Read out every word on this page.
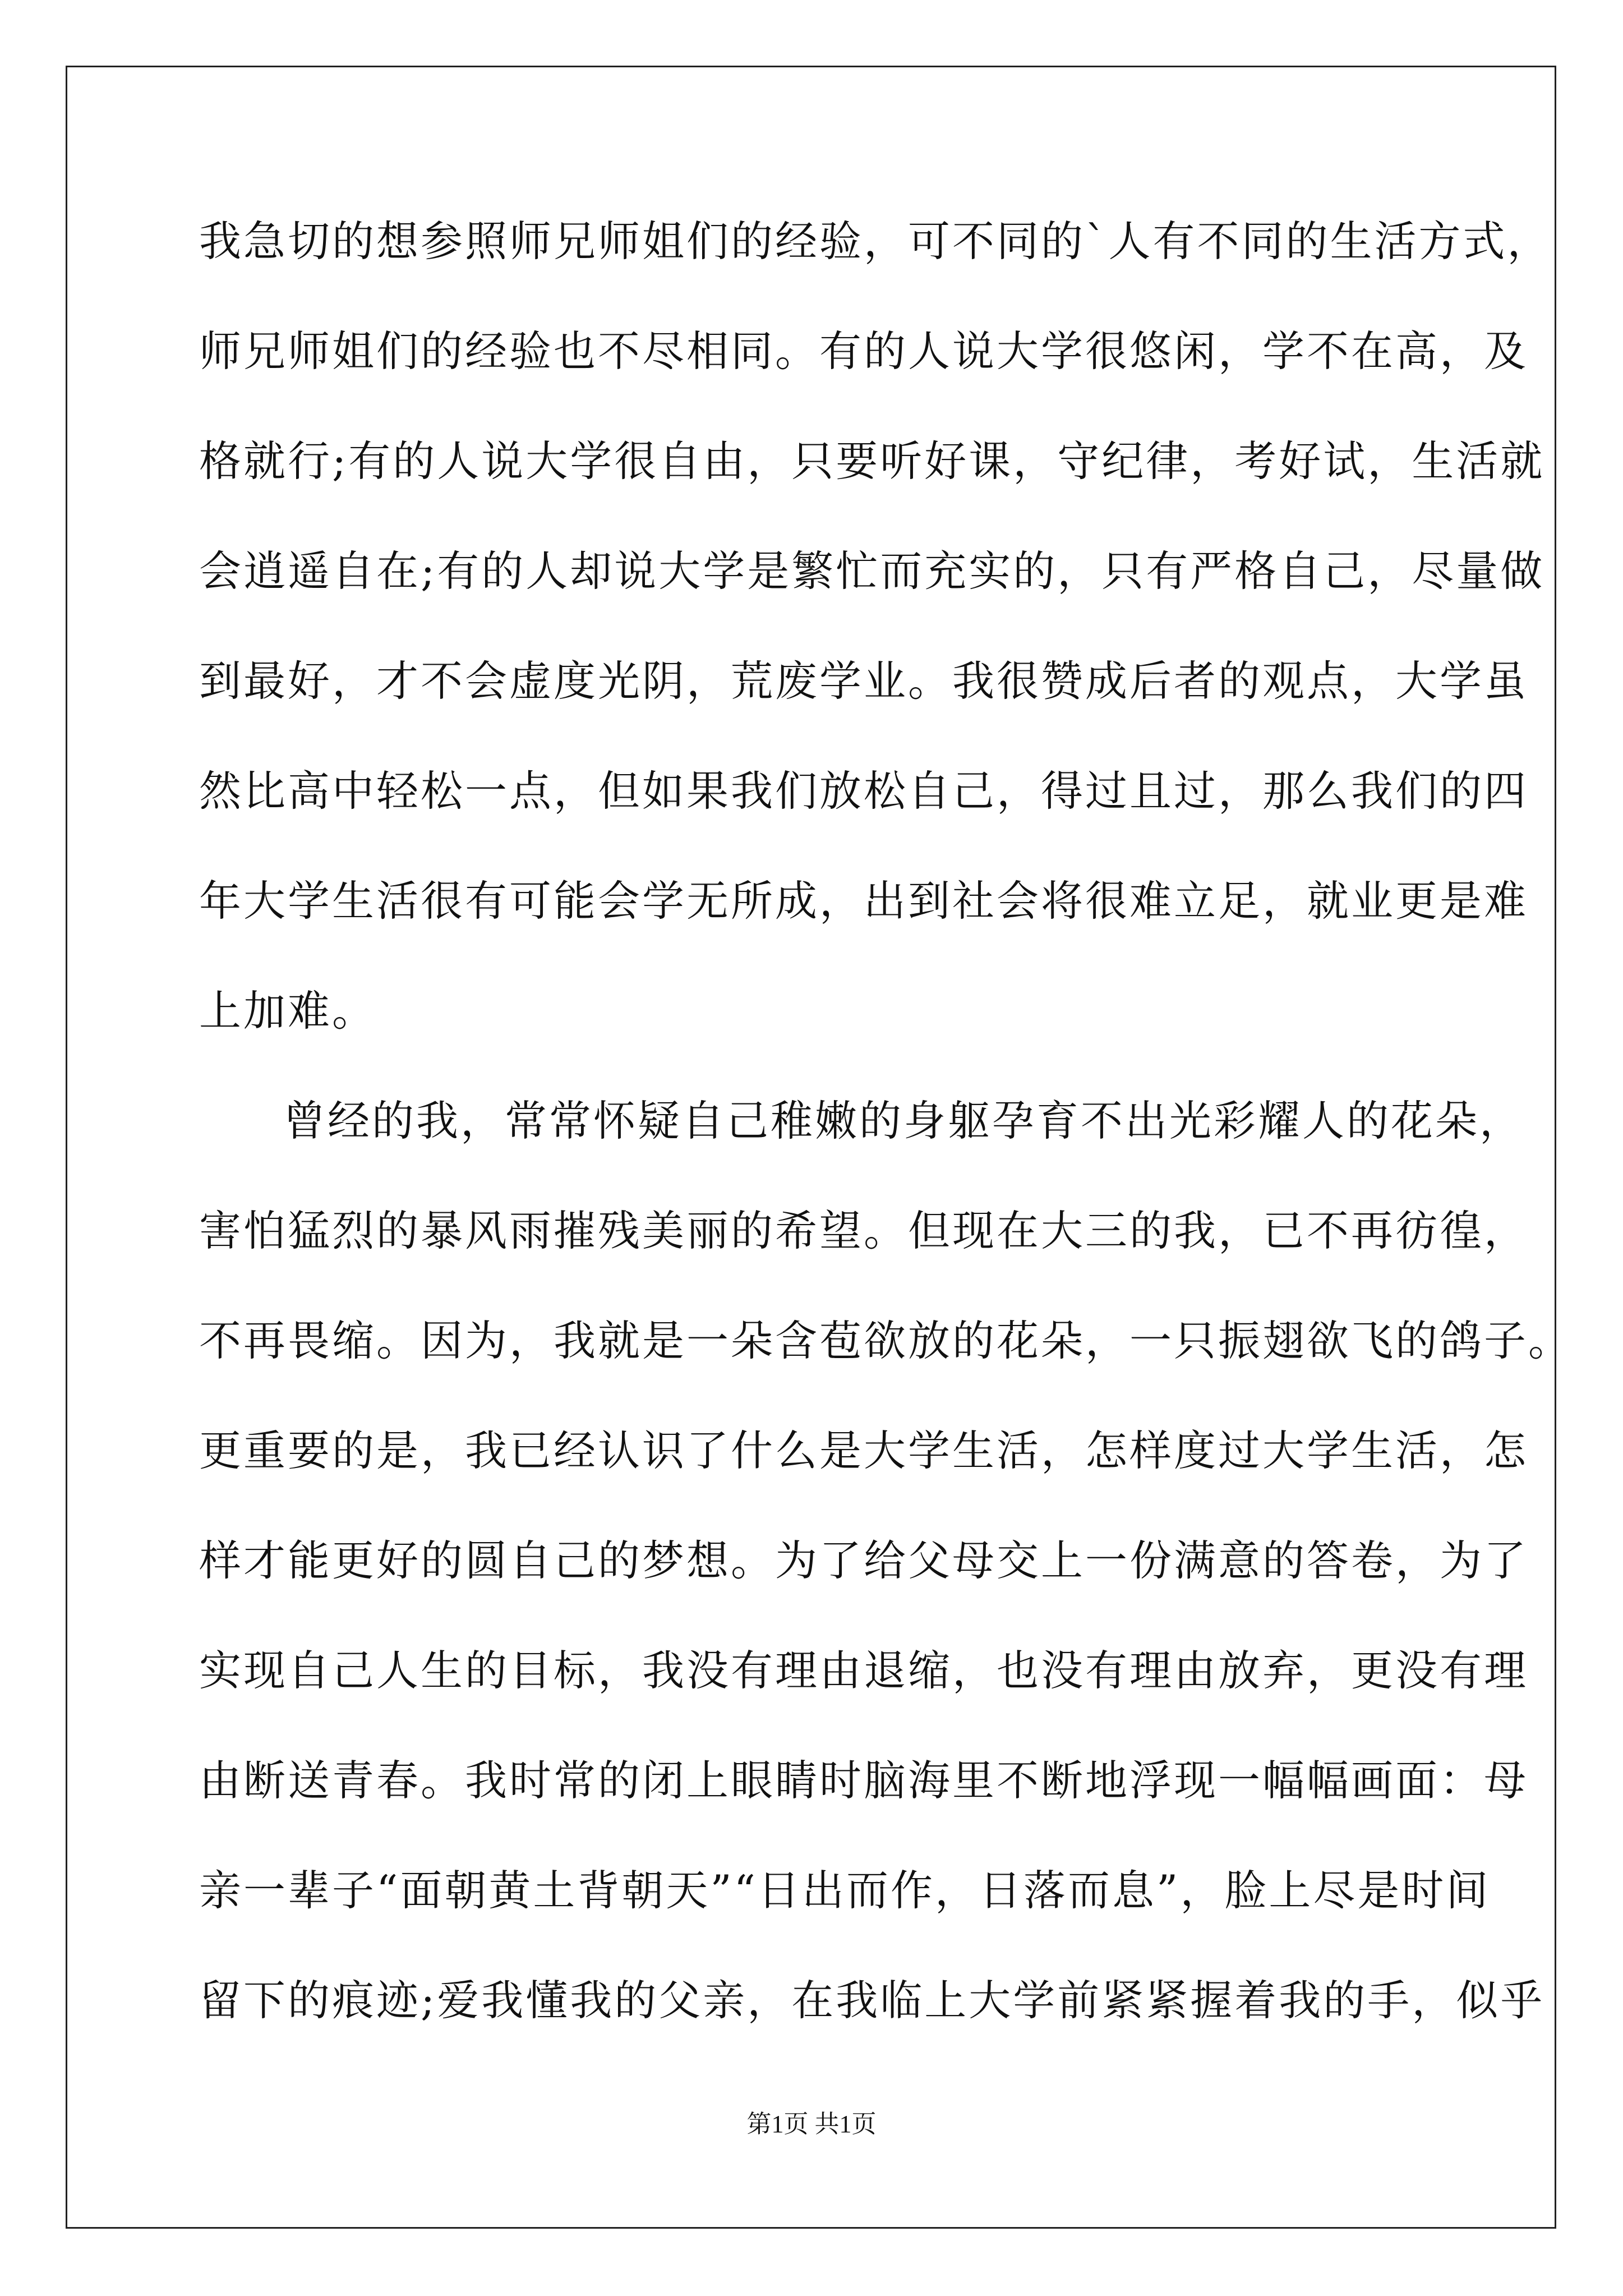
我急切的想参照师兄师姐们的经验，可不同的`人有不同的生活方式，
师兄师姐们的经验也不尽相同。有的人说大学很悠闲，学不在高，及
格就行;有的人说大学很自由，只要听好课，守纪律，考好试，生活就
会逍遥自在;有的人却说大学是繁忙而充实的，只有严格自己，尽量做
到最好，才不会虚度光阴，荒废学业。我很赞成后者的观点，大学虽
然比高中轻松一点，但如果我们放松自己，得过且过，那么我们的四
年大学生活很有可能会学无所成，出到社会将很难立足，就业更是难
上加难。
曾经的我，常常怀疑自己稚嫩的身躯孕育不出光彩耀人的花朵，
害怕猛烈的暴风雨摧残美丽的希望。但现在大三的我，已不再彷徨，
不再畏缩。因为，我就是一朵含苞欲放的花朵，一只振翅欲飞的鸽子。
更重要的是，我已经认识了什么是大学生活，怎样度过大学生活，怎
样才能更好的圆自己的梦想。为了给父母交上一份满意的答卷，为了
实现自己人生的目标，我没有理由退缩，也没有理由放弃，更没有理
由断送青春。我时常的闭上眼睛时脑海里不断地浮现一幅幅画面：母
亲一辈子“面朝黄土背朝天”“日出而作，日落而息”，脸上尽是时间
留下的痕迹;爱我懂我的父亲，在我临上大学前紧紧握着我的手，似乎
第1页 共1页
